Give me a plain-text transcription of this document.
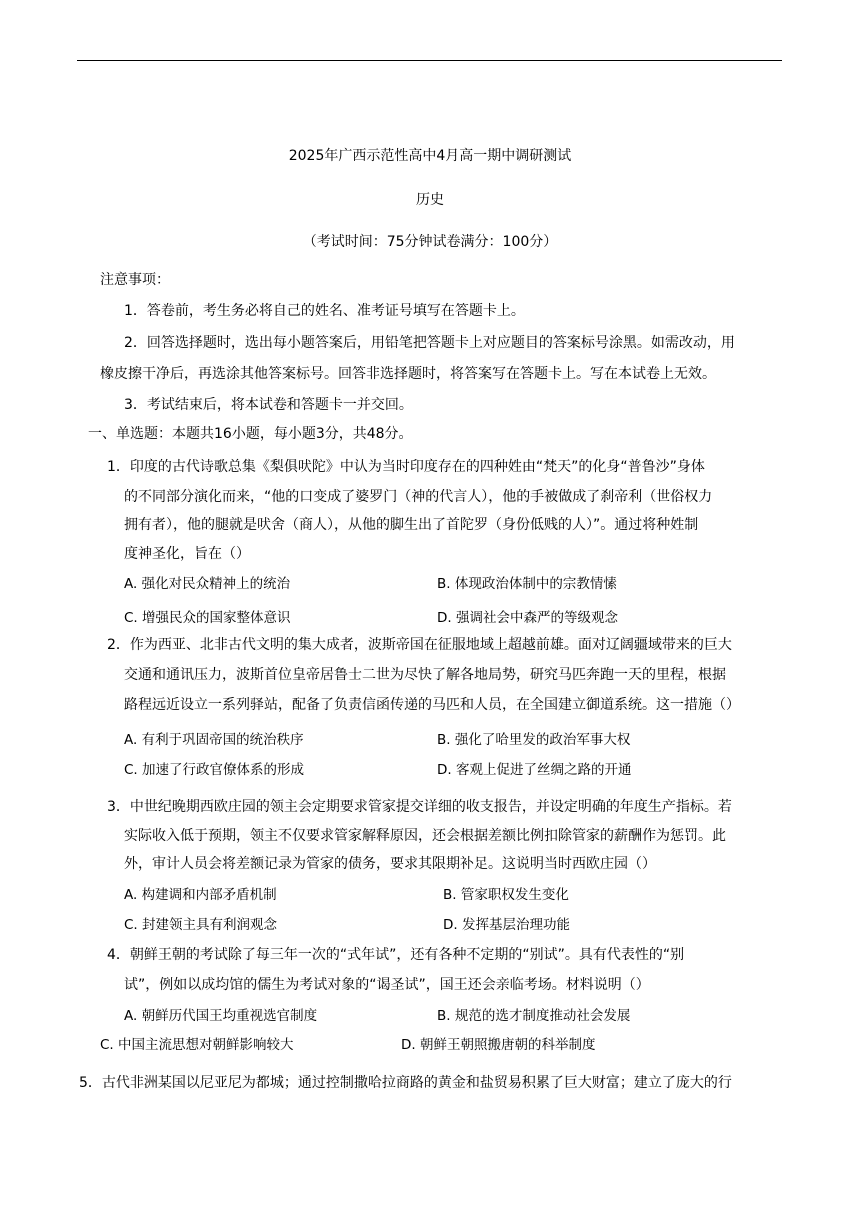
2025年广西示范性高中4月高一期中调研测试
历史
（考试时间：75分钟试卷满分：100分）
注意事项：
1．答卷前，考生务必将自己的姓名、准考证号填写在答题卡上。
2．回答选择题时，选出每小题答案后，用铅笔把答题卡上对应题目的答案标号涂黑。如需改动，用
橡皮擦干净后，再选涂其他答案标号。回答非选择题时，将答案写在答题卡上。写在本试卷上无效。
3．考试结束后，将本试卷和答题卡一并交回。
一、单选题：本题共16小题，每小题3分，共48分。
1．印度的古代诗歌总集《梨俱吠陀》中认为当时印度存在的四种姓由“梵天”的化身“普鲁沙”身体
的不同部分演化而来，“他的口变成了婆罗门（神的代言人），他的手被做成了刹帝利（世俗权力
拥有者），他的腿就是吠舍（商人），从他的脚生出了首陀罗（身份低贱的人）”。通过将种姓制
度神圣化，旨在（）
A. 强化对民众精神上的统治	B. 体现政治体制中的宗教情愫
C. 增强民众的国家整体意识	D. 强调社会中森严的等级观念
2．作为西亚、北非古代文明的集大成者，波斯帝国在征服地域上超越前雄。面对辽阔疆域带来的巨大
交通和通讯压力，波斯首位皇帝居鲁士二世为尽快了解各地局势，研究马匹奔跑一天的里程，根据
路程远近设立一系列驿站，配备了负责信函传递的马匹和人员，在全国建立御道系统。这一措施（）
A. 有利于巩固帝国的统治秩序	B. 强化了哈里发的政治军事大权
C. 加速了行政官僚体系的形成	D. 客观上促进了丝绸之路的开通
3．中世纪晚期西欧庄园的领主会定期要求管家提交详细的收支报告，并设定明确的年度生产指标。若
实际收入低于预期，领主不仅要求管家解释原因，还会根据差额比例扣除管家的薪酬作为惩罚。此
外，审计人员会将差额记录为管家的债务，要求其限期补足。这说明当时西欧庄园（）
A. 构建调和内部矛盾机制	B. 管家职权发生变化
C. 封建领主具有利润观念	D. 发挥基层治理功能
4．朝鲜王朝的考试除了每三年一次的“式年试”，还有各种不定期的“别试”。具有代表性的“别
试”，例如以成均馆的儒生为考试对象的“谒圣试”，国王还会亲临考场。材料说明（）
A. 朝鲜历代国王均重视选官制度	B. 规范的选才制度推动社会发展
C. 中国主流思想对朝鲜影响较大	D. 朝鲜王朝照搬唐朝的科举制度
5．古代非洲某国以尼亚尼为都城；通过控制撒哈拉商路的黄金和盐贸易积累了巨大财富；建立了庞大的行
